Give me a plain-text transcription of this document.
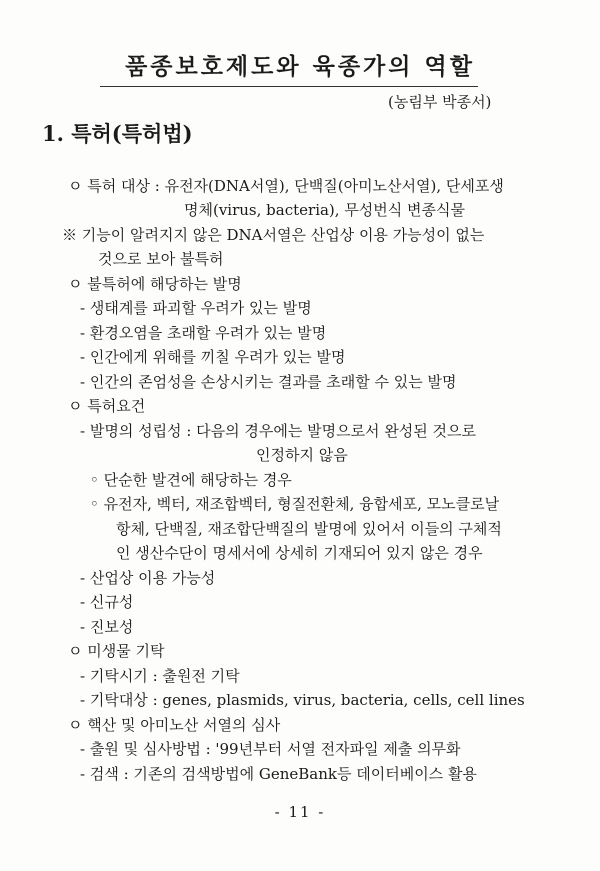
품종보호제도와 육종가의 역할
(농림부 박종서)
1. 특허(특허법)
ㅇ 특허 대상 : 유전자(DNA서열), 단백질(아미노산서열), 단세포생
명체(virus, bacteria), 무성번식 변종식물
※ 기능이 알려지지 않은 DNA서열은 산업상 이용 가능성이 없는
것으로 보아 불특허
ㅇ 불특허에 해당하는 발명
- 생태계를 파괴할 우려가 있는 발명
- 환경오염을 초래할 우려가 있는 발명
- 인간에게 위해를 끼칠 우려가 있는 발명
- 인간의 존엄성을 손상시키는 결과를 초래할 수 있는 발명
ㅇ 특허요건
- 발명의 성립성 : 다음의 경우에는 발명으로서 완성된 것으로
인정하지 않음
◦ 단순한 발견에 해당하는 경우
◦ 유전자, 벡터, 재조합벡터, 형질전환체, 융합세포, 모노클로날
항체, 단백질, 재조합단백질의 발명에 있어서 이들의 구체적
인 생산수단이 명세서에 상세히 기재되어 있지 않은 경우
- 산업상 이용 가능성
- 신규성
- 진보성
ㅇ 미생물 기탁
- 기탁시기 : 출원전 기탁
- 기탁대상 : genes, plasmids, virus, bacteria, cells, cell lines
ㅇ 핵산 및 아미노산 서열의 심사
- 출원 및 심사방법 : '99년부터 서열 전자파일 제출 의무화
- 검색 : 기존의 검색방법에 GeneBank등 데이터베이스 활용
- 11 -
